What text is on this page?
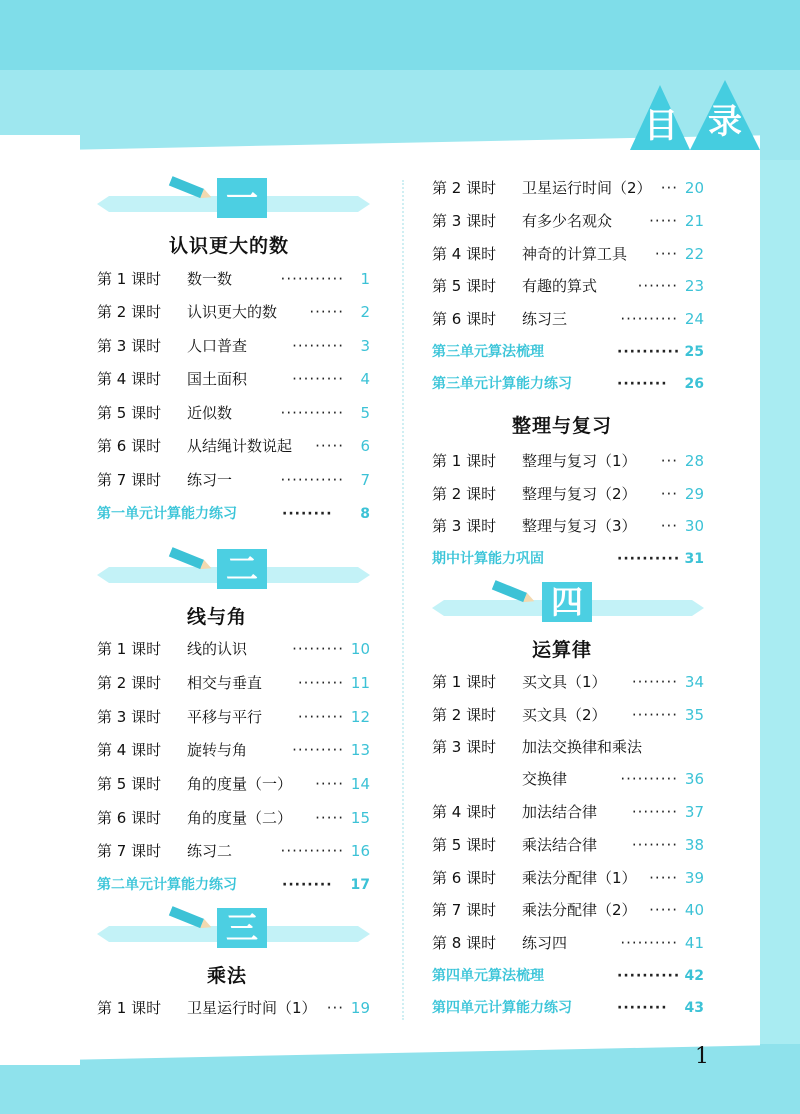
目 录
一
认识更大的数
二
线与角
三
乘法
第 1 课时 数一数	··········· 1
第 2 课时 认识更大的数 ······ 2
第 3 课时 人口普查	········· 3
第 4 课时 国土面积	········· 4
第 5 课时 近似数	··········· 5
第 6 课时 从结绳计数说起 ····· 6
第 7 课时 练习一	··········· 7
第一单元计算能力练习	········ 8
第 1 课时 线的认识	········· 10
第 2 课时 相交与垂直 ········ 11
第 3 课时 平移与平行 ········ 12
第 4 课时 旋转与角	········· 13
第 5 课时 角的度量（一） ····· 14
第 6 课时 角的度量（二） ····· 15
第 7 课时 练习二	··········· 16
第二单元计算能力练习	········ 17
第 1 课时 卫星运行时间（1） ··· 19
整理与复习
四
运算律
第 2 课时 卫星运行时间（2） ··· 20
第 3 课时 有多少名观众 ····· 21
第 4 课时 神奇的计算工具 ···· 22
第 5 课时 有趣的算式	······· 23
第 6 课时 练习三	·········· 24
第三单元算法梳理	·········· 25
第三单元计算能力练习	········ 26
第 1 课时 整理与复习（1） ··· 28
第 2 课时 整理与复习（2） ··· 29
第 3 课时 整理与复习（3） ··· 30
期中计算能力巩固	·········· 31
第 1 课时 买文具（1） ········ 34
第 2 课时 买文具（2） ········ 35
第 3 课时 加法交换律和乘法
交换律	·········· 36
第 4 课时 加法结合律 ········ 37
第 5 课时 乘法结合律 ········ 38
第 6 课时 乘法分配律（1） ····· 39
第 7 课时 乘法分配律（2） ····· 40
第 8 课时 练习四	·········· 41
第四单元算法梳理	·········· 42
第四单元计算能力练习	········ 43
1
